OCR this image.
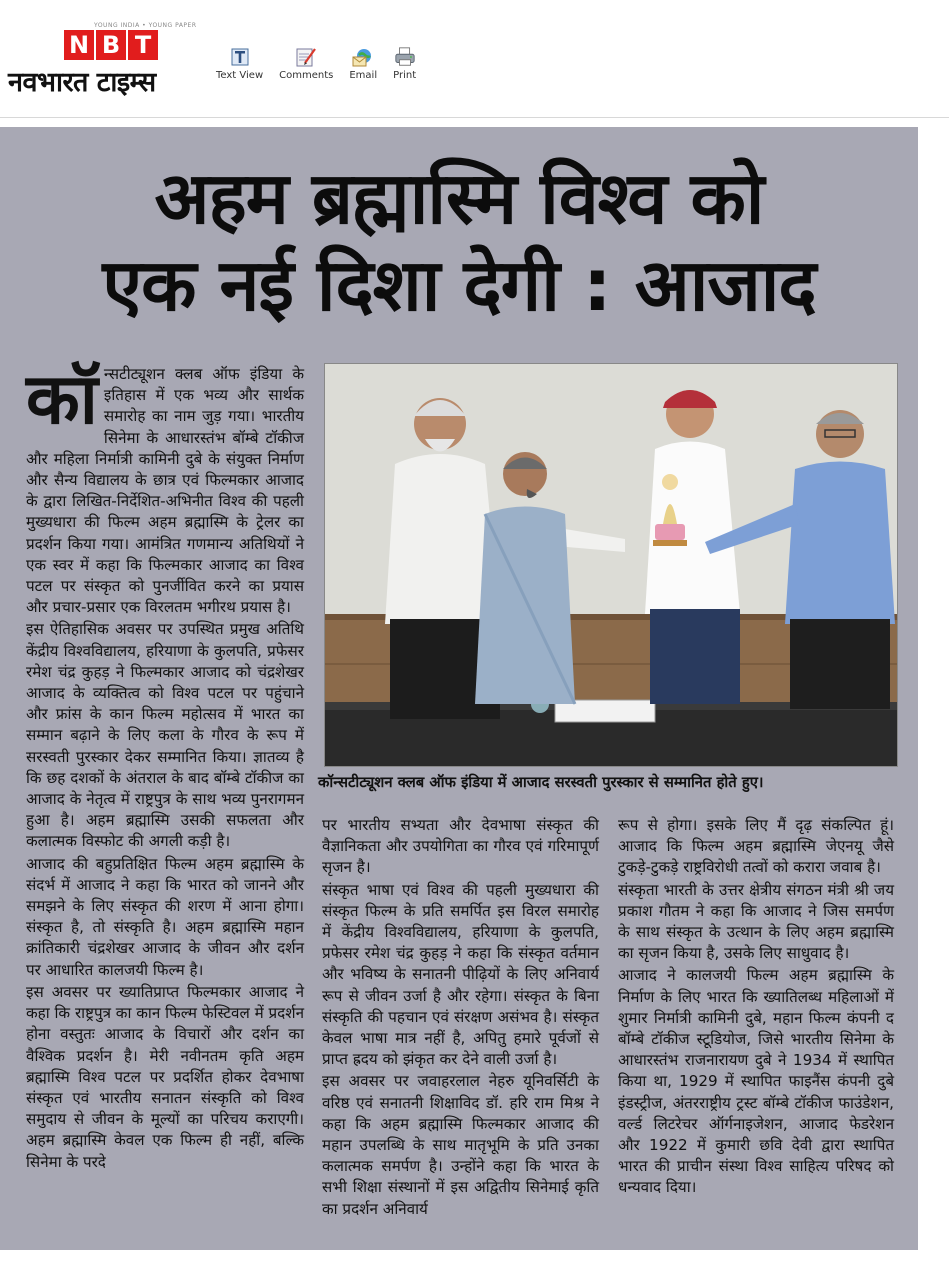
YOUNG INDIA • YOUNG PAPER
N B T
नवभारत टाइम्स	Text View Comments Email Print
अहम ब्रह्मास्मि विश्व को
एक नई दिशा देगी : आजाद

कॉन्सटीट्यूशन क्लब ऑफ इंडिया के इतिहास में एक भव्य और सार्थक समारोह का नाम जुड़ गया। भारतीय सिनेमा के आधारस्तंभ बॉम्बे टॉकीज और महिला निर्मात्री कामिनी दुबे के संयुक्त निर्माण और सैन्य विद्यालय के छात्र एवं फिल्मकार आजाद के द्वारा लिखित-निर्देशित-अभिनीत विश्व की पहली मुख्यधारा की फिल्म अहम ब्रह्मास्मि के ट्रेलर का प्रदर्शन किया गया। आमंत्रित गणमान्य अतिथियों ने एक स्वर में कहा कि फिल्मकार आजाद का विश्व पटल पर संस्कृत को पुनर्जीवित करने का प्रयास और प्रचार-प्रसार एक विरलतम भगीरथ प्रयास है।

इस ऐतिहासिक अवसर पर उपस्थित प्रमुख अतिथि केंद्रीय विश्वविद्यालय, हरियाणा के कुलपति, प्रफेसर रमेश चंद्र कुहड़ ने फिल्मकार आजाद को चंद्रशेखर आजाद के व्यक्तित्व को विश्व पटल पर पहुंचाने और फ्रांस के कान फिल्म महोत्सव में भारत का सम्मान बढ़ाने के लिए कला के गौरव के रूप में सरस्वती पुरस्कार देकर सम्मानित किया। ज्ञातव्य है कि छह दशकों के अंतराल के बाद बॉम्बे टॉकीज का आजाद के नेतृत्व में राष्ट्रपुत्र के साथ भव्य पुनरागमन हुआ है। अहम ब्रह्मास्मि उसकी सफलता और कलात्मक विस्फोट की अगली कड़ी है।

आजाद की बहुप्रतिक्षित फिल्म अहम ब्रह्मास्मि के संदर्भ में आजाद ने कहा कि भारत को जानने और समझने के लिए संस्कृत की शरण में आना होगा। संस्कृत है, तो संस्कृति है। अहम ब्रह्मास्मि महान क्रांतिकारी चंद्रशेखर आजाद के जीवन और दर्शन पर आधारित कालजयी फिल्म है।

इस अवसर पर ख्यातिप्राप्त फिल्मकार आजाद ने कहा कि राष्ट्रपुत्र का कान फिल्म फेस्टिवल में प्रदर्शन होना वस्तुतः आजाद के विचारों और दर्शन का वैश्विक प्रदर्शन है। मेरी नवीनतम कृति अहम ब्रह्मास्मि विश्व पटल पर प्रदर्शित होकर देवभाषा संस्कृत एवं भारतीय सनातन संस्कृति को विश्व समुदाय से जीवन के मूल्यों का परिचय कराएगी। अहम ब्रह्मास्मि केवल एक फिल्म ही नहीं, बल्कि सिनेमा के परदे

कॉन्सटीट्यूशन क्लब ऑफ इंडिया में आजाद सरस्वती पुरस्कार से सम्मानित होते हुए।

पर भारतीय सभ्यता और देवभाषा संस्कृत की वैज्ञानिकता और उपयोगिता का गौरव एवं गरिमापूर्ण सृजन है।

संस्कृत भाषा एवं विश्व की पहली मुख्यधारा की संस्कृत फिल्म के प्रति समर्पित इस विरल समारोह में केंद्रीय विश्वविद्यालय, हरियाणा के कुलपति, प्रफेसर रमेश चंद्र कुहड़ ने कहा कि संस्कृत वर्तमान और भविष्य के सनातनी पीढ़ियों के लिए अनिवार्य रूप से जीवन उर्जा है और रहेगा। संस्कृत के बिना संस्कृति की पहचान एवं संरक्षण असंभव है। संस्कृत केवल भाषा मात्र नहीं है, अपितु हमारे पूर्वजों से प्राप्त ह्रदय को झंकृत कर देने वाली उर्जा है।

इस अवसर पर जवाहरलाल नेहरु यूनिवर्सिटी के वरिष्ठ एवं सनातनी शिक्षाविद डॉ. हरि राम मिश्र ने कहा कि अहम ब्रह्मास्मि फिल्मकार आजाद की महान उपलब्धि के साथ मातृभूमि के प्रति उनका कलात्मक समर्पण है। उन्होंने कहा कि भारत के सभी शिक्षा संस्थानों में इस अद्वितीय सिनेमाई कृति का प्रदर्शन अनिवार्य

रूप से होगा। इसके लिए मैं दृढ़ संकल्पित हूं। आजाद कि फिल्म अहम ब्रह्मास्मि जेएनयू जैसे टुकड़े-टुकड़े राष्ट्रविरोधी तत्वों को करारा जवाब है।

संस्कृता भारती के उत्तर क्षेत्रीय संगठन मंत्री श्री जय प्रकाश गौतम ने कहा कि आजाद ने जिस समर्पण के साथ संस्कृत के उत्थान के लिए अहम ब्रह्मास्मि का सृजन किया है, उसके लिए साधुवाद है।

आजाद ने कालजयी फिल्म अहम ब्रह्मास्मि के निर्माण के लिए भारत कि ख्यातिलब्ध महिलाओं में शुमार निर्मात्री कामिनी दुबे, महान फिल्म कंपनी द बॉम्बे टॉकीज स्टूडियोज, जिसे भारतीय सिनेमा के आधारस्तंभ राजनारायण दुबे ने 1934 में स्थापित किया था, 1929 में स्थापित फाइनैंस कंपनी दुबे इंडस्ट्रीज, अंतरराष्ट्रीय ट्रस्ट बॉम्बे टॉकीज फाउंडेशन, वर्ल्ड लिटरेचर ऑर्गनाइजेशन, आजाद फेडरेशन और 1922 में कुमारी छवि देवी द्वारा स्थापित भारत की प्राचीन संस्था विश्व साहित्य परिषद को धन्यवाद दिया।
